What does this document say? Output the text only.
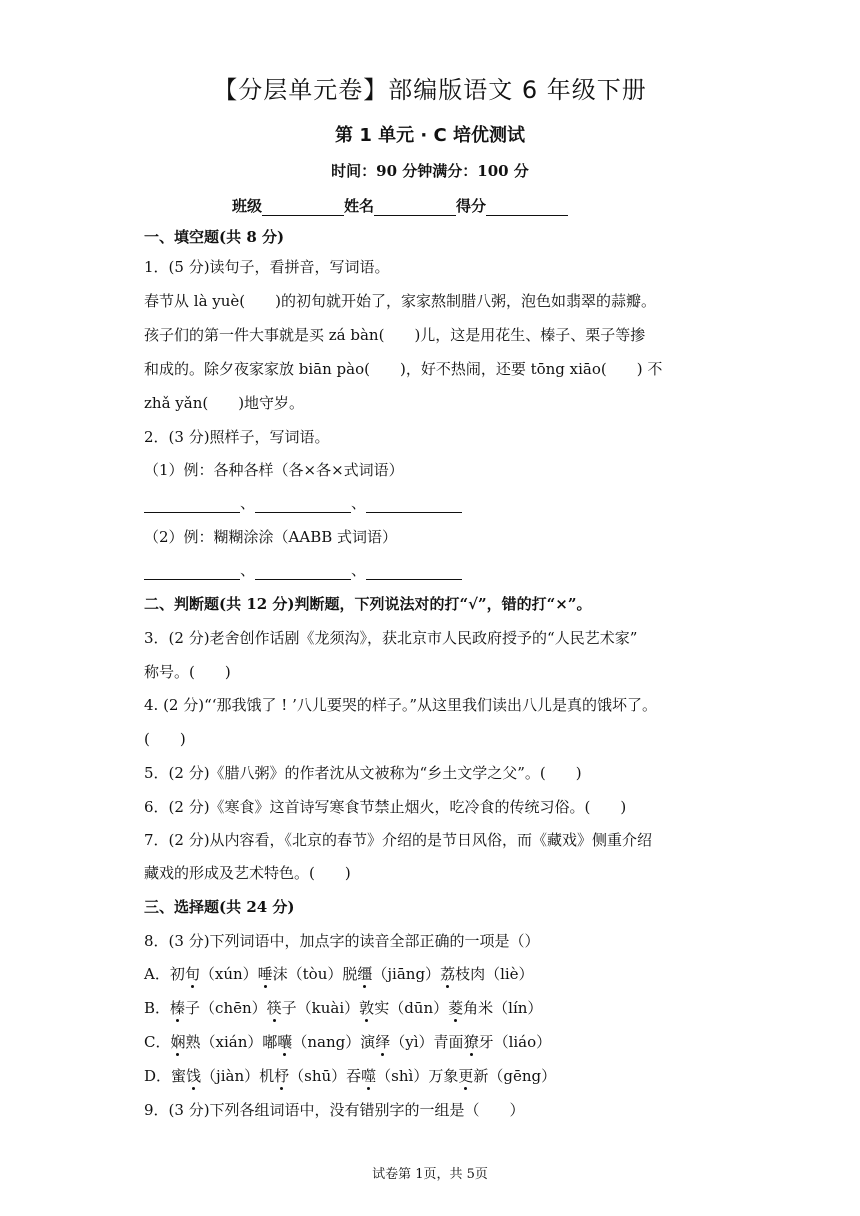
【分层单元卷】部编版语文 6 年级下册
第 1 单元 · C 培优测试
时间：90 分钟满分：100 分
班级	姓名	得分
一、填空题(共 8 分)
1．(5 分)读句子，看拼音，写词语。
春节从 là yuè(　　)的初旬就开始了，家家熬制腊八粥，泡色如翡翠的蒜瓣。
孩子们的第一件大事就是买 zá bàn(　　)儿，这是用花生、榛子、栗子等掺
和成的。除夕夜家家放 biān pào(　　)，好不热闹，还要 tōng xiāo(　　) 不
zhǎ yǎn(　　)地守岁。
2．(3 分)照样子，写词语。
（1）例：各种各样（各×各×式词语）
、	、
（2）例：糊糊涂涂（AABB 式词语）
、	、
二、判断题(共 12 分)判断题，下列说法对的打“√”，错的打“×”。
3．(2 分)老舍创作话剧《龙须沟》，获北京市人民政府授予的“人民艺术家”
称号。(　　)
4. (2 分)“‘那我饿了 ! ’八儿要哭的样子。”从这里我们读出八儿是真的饿坏了。
(　　)
5．(2 分)《腊八粥》的作者沈从文被称为“乡土文学之父”。(　　)
6．(2 分)《寒食》这首诗写寒食节禁止烟火，吃冷食的传统习俗。(　　)
7．(2 分)从内容看，《北京的春节》介绍的是节日风俗，而《藏戏》侧重介绍
藏戏的形成及艺术特色。(　　)
三、选择题(共 24 分)
8．(3 分)下列词语中，加点字的读音全部正确的一项是（）
A．初旬（xún）唾沫（tòu）脱缰（jiāng）荔枝肉（liè）
B．榛子（chēn）筷子（kuài）敦实（dūn）菱角米（lín）
C．娴熟（xián）嘟囔（nang）演绎（yì）青面獠牙（liáo）
D．蜜饯（jiàn）机杼（shū）吞噬（shì）万象更新（gēng）
9．(3 分)下列各组词语中，没有错别字的一组是（　　）
试卷第 1页，共 5页
